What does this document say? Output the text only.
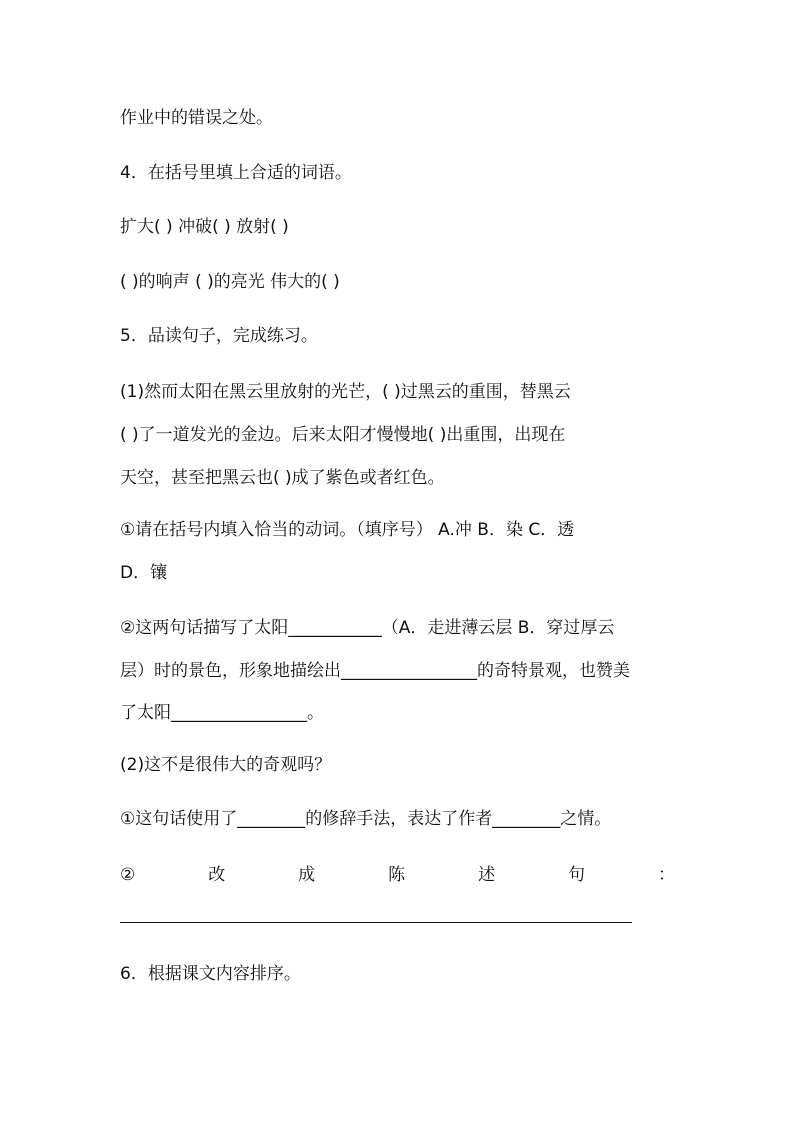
作业中的错误之处。
4．在括号里填上合适的词语。
扩大( ) 冲破( ) 放射( )
( )的响声 ( )的亮光 伟大的( )
5．品读句子，完成练习。
(1)然而太阳在黑云里放射的光芒，( )过黑云的重围，替黑云
( )了一道发光的金边。后来太阳才慢慢地( )出重围，出现在
天空，甚至把黑云也( )成了紫色或者红色。
①请在括号内填入恰当的动词。（填序号） A.冲 B．染 C．透
D．镶
②这两句话描写了太阳___________（A．走进薄云层 B．穿过厚云
层）时的景色，形象地描绘出________________的奇特景观，也赞美
了太阳________________。
(2)这不是很伟大的奇观吗？
①这句话使用了________的修辞手法，表达了作者________之情。
②	改	成	陈	述	句	：
6．根据课文内容排序。
